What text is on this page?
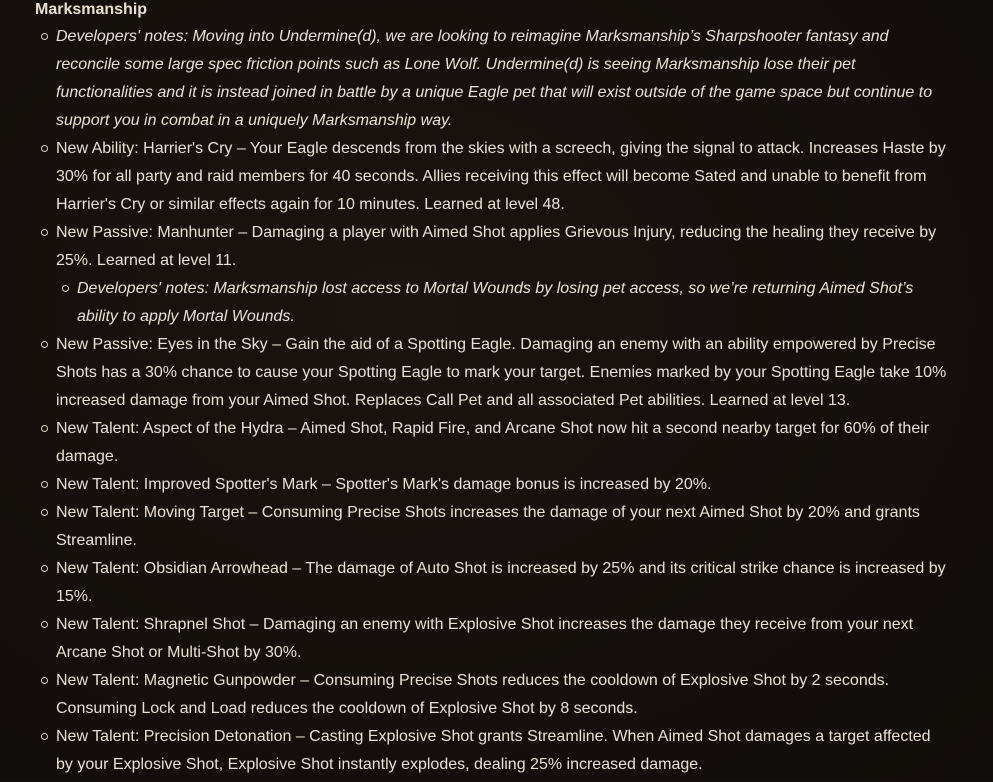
Marksmanship
Developers' notes: Moving into Undermine(d), we are looking to reimagine Marksmanship’s Sharpshooter fantasy and reconcile some large spec friction points such as Lone Wolf. Undermine(d) is seeing Marksmanship lose their pet functionalities and it is instead joined in battle by a unique Eagle pet that will exist outside of the game space but continue to support you in combat in a uniquely Marksmanship way.
New Ability: Harrier's Cry – Your Eagle descends from the skies with a screech, giving the signal to attack. Increases Haste by 30% for all party and raid members for 40 seconds. Allies receiving this effect will become Sated and unable to benefit from Harrier's Cry or similar effects again for 10 minutes. Learned at level 48.
New Passive: Manhunter – Damaging a player with Aimed Shot applies Grievous Injury, reducing the healing they receive by 25%. Learned at level 11.
Developers' notes: Marksmanship lost access to Mortal Wounds by losing pet access, so we’re returning Aimed Shot’s ability to apply Mortal Wounds.
New Passive: Eyes in the Sky – Gain the aid of a Spotting Eagle. Damaging an enemy with an ability empowered by Precise Shots has a 30% chance to cause your Spotting Eagle to mark your target. Enemies marked by your Spotting Eagle take 10% increased damage from your Aimed Shot. Replaces Call Pet and all associated Pet abilities. Learned at level 13.
New Talent: Aspect of the Hydra – Aimed Shot, Rapid Fire, and Arcane Shot now hit a second nearby target for 60% of their damage.
New Talent: Improved Spotter's Mark – Spotter's Mark's damage bonus is increased by 20%.
New Talent: Moving Target – Consuming Precise Shots increases the damage of your next Aimed Shot by 20% and grants Streamline.
New Talent: Obsidian Arrowhead – The damage of Auto Shot is increased by 25% and its critical strike chance is increased by 15%.
New Talent: Shrapnel Shot – Damaging an enemy with Explosive Shot increases the damage they receive from your next Arcane Shot or Multi-Shot by 30%.
New Talent: Magnetic Gunpowder – Consuming Precise Shots reduces the cooldown of Explosive Shot by 2 seconds. Consuming Lock and Load reduces the cooldown of Explosive Shot by 8 seconds.
New Talent: Precision Detonation – Casting Explosive Shot grants Streamline. When Aimed Shot damages a target affected by your Explosive Shot, Explosive Shot instantly explodes, dealing 25% increased damage.
